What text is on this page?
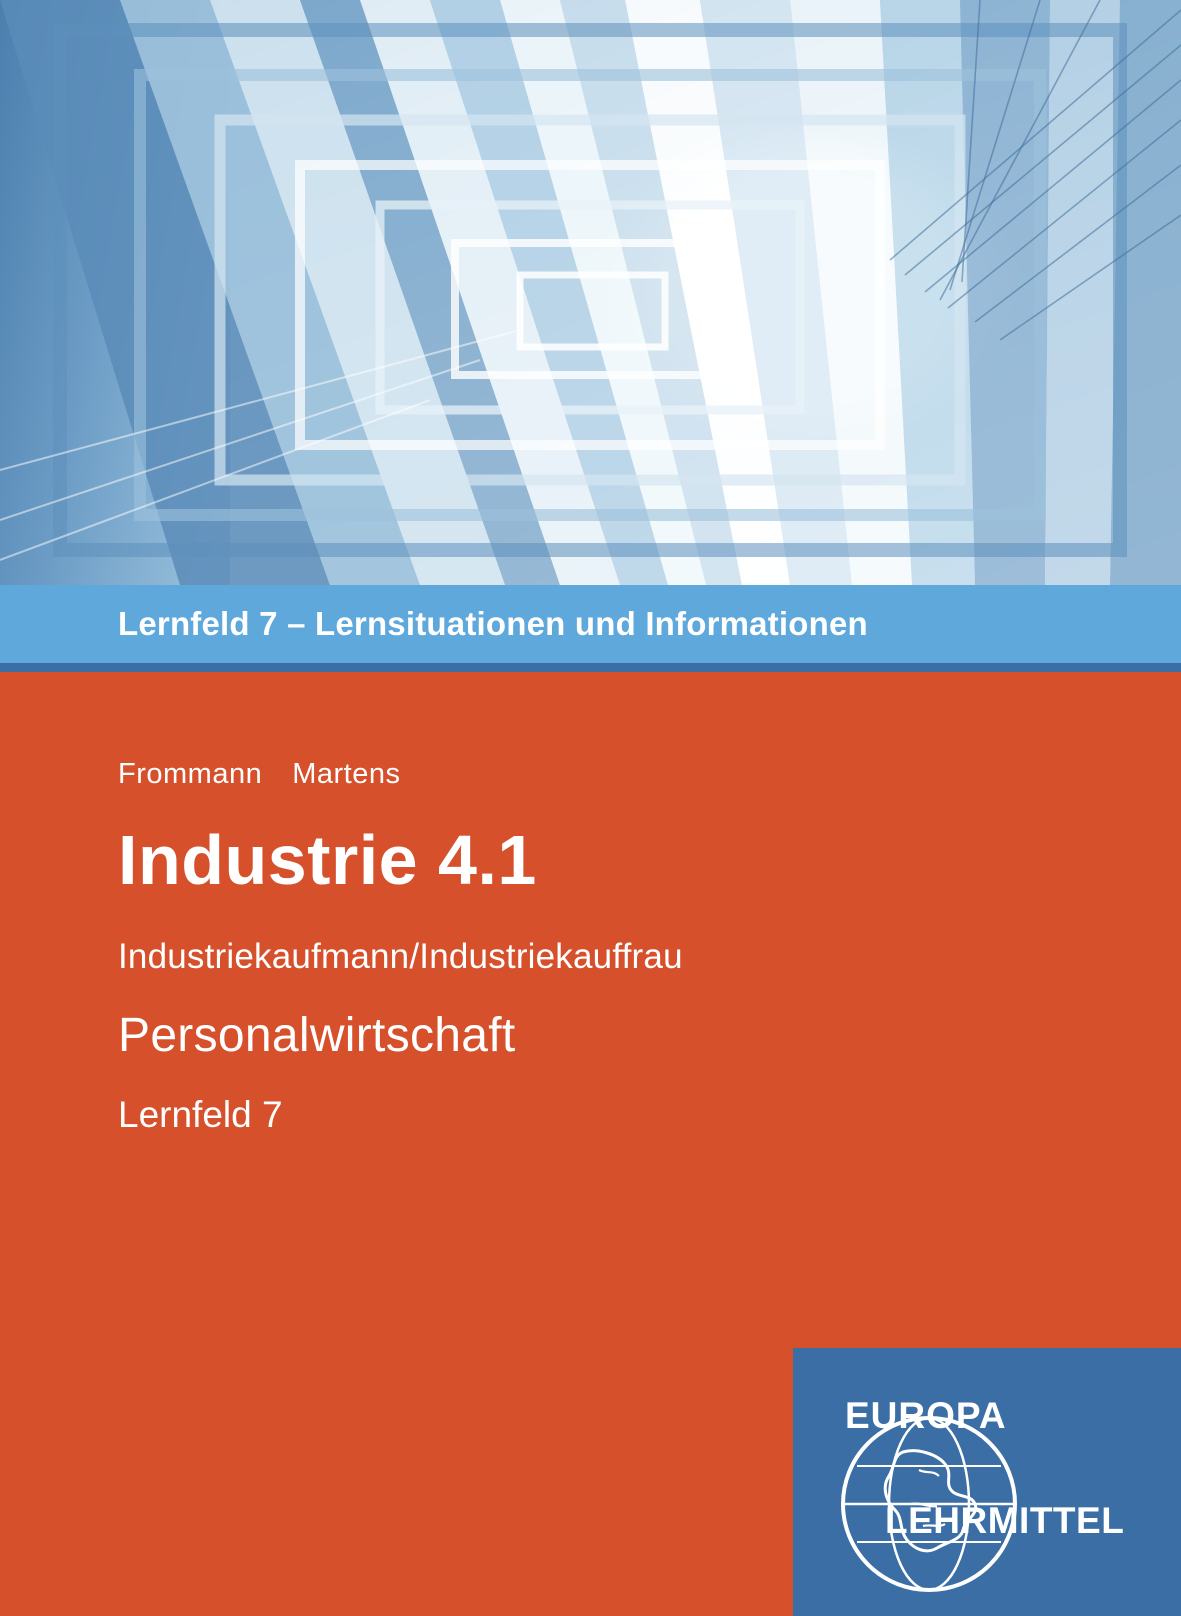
Lernfeld 7 – Lernsituationen und Informationen
Frommann Martens
Industrie 4.1
Industriekaufmann/Industriekauffrau
Personalwirtschaft
Lernfeld 7
EUROPA
LEHRMITTEL
